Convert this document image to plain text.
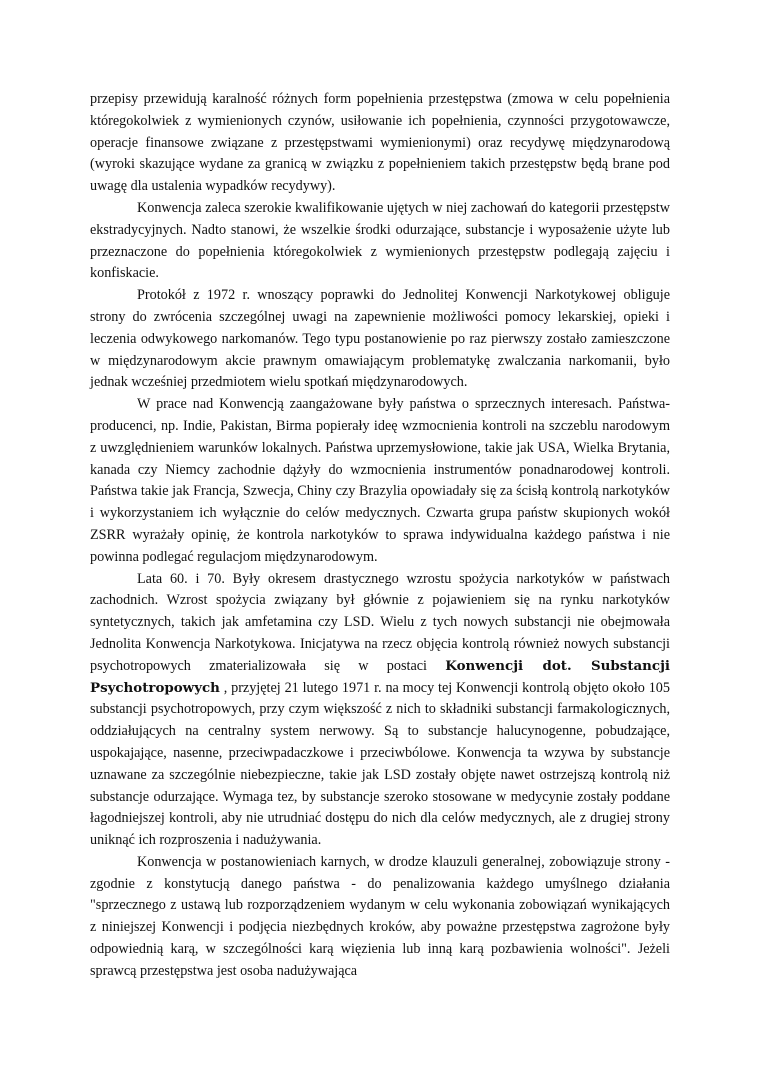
przepisy przewidują karalność różnych form popełnienia przestępstwa (zmowa w celu popełnienia któregokolwiek z wymienionych czynów, usiłowanie ich popełnienia, czynności przygotowawcze, operacje finansowe związane z przestępstwami wymienionymi) oraz recydywę międzynarodową (wyroki skazujące wydane za granicą w związku z popełnieniem takich przestępstw będą brane pod uwagę dla ustalenia wypadków recydywy).

Konwencja zaleca szerokie kwalifikowanie ujętych w niej zachowań do kategorii przestępstw ekstradycyjnych. Nadto stanowi, że wszelkie środki odurzające, substancje i wyposażenie użyte lub przeznaczone do popełnienia któregokolwiek z wymienionych przestępstw podlegają zajęciu i konfiskacie.

Protokół z 1972 r. wnoszący poprawki do Jednolitej Konwencji Narkotykowej obliguje strony do zwrócenia szczególnej uwagi na zapewnienie możliwości pomocy lekarskiej, opieki i leczenia odwykowego narkomanów. Tego typu postanowienie po raz pierwszy zostało zamieszczone w międzynarodowym akcie prawnym omawiającym problematykę zwalczania narkomanii, było jednak wcześniej przedmiotem wielu spotkań międzynarodowych.

W prace nad Konwencją zaangażowane były państwa o sprzecznych interesach. Państwa- producenci, np. Indie, Pakistan, Birma popierały ideę wzmocnienia kontroli na szczeblu narodowym z uwzględnieniem warunków lokalnych. Państwa uprzemysłowione, takie jak USA, Wielka Brytania, kanada czy Niemcy zachodnie dążyły do wzmocnienia instrumentów ponadnarodowej kontroli. Państwa takie jak Francja, Szwecja, Chiny czy Brazylia opowiadały się za ścisłą kontrolą narkotyków i wykorzystaniem ich wyłącznie do celów medycznych. Czwarta grupa państw skupionych wokół ZSRR wyrażały opinię, że kontrola narkotyków to sprawa indywidualna każdego państwa i nie powinna podlegać regulacjom międzynarodowym.

Lata 60. i 70. Były okresem drastycznego wzrostu spożycia narkotyków w państwach zachodnich. Wzrost spożycia związany był głównie z pojawieniem się na rynku narkotyków syntetycznych, takich jak amfetamina czy LSD. Wielu z tych nowych substancji nie obejmowała Jednolita Konwencja Narkotykowa. Inicjatywa na rzecz objęcia kontrolą również nowych substancji psychotropowych zmaterializowała się w postaci Konwencji dot. Substancji Psychotropowych , przyjętej 21 lutego 1971 r. na mocy tej Konwencji kontrolą objęto około 105 substancji psychotropowych, przy czym większość z nich to składniki substancji farmakologicznych, oddziałujących na centralny system nerwowy. Są to substancje halucynogenne, pobudzające, uspokajające, nasenne, przeciwpadaczkowe i przeciwbólowe. Konwencja ta wzywa by substancje uznawane za szczególnie niebezpieczne, takie jak LSD zostały objęte nawet ostrzejszą kontrolą niż substancje odurzające. Wymaga tez, by substancje szeroko stosowane w medycynie zostały poddane łagodniejszej kontroli, aby nie utrudniać dostępu do nich dla celów medycznych, ale z drugiej strony uniknąć ich rozproszenia i nadużywania.

Konwencja w postanowieniach karnych, w drodze klauzuli generalnej, zobowiązuje strony - zgodnie z konstytucją danego państwa - do penalizowania każdego umyślnego działania "sprzecznego z ustawą lub rozporządzeniem wydanym w celu wykonania zobowiązań wynikających z niniejszej Konwencji i podjęcia niezbędnych kroków, aby poważne przestępstwa zagrożone były odpowiednią karą, w szczególności karą więzienia lub inną karą pozbawienia wolności". Jeżeli sprawcą przestępstwa jest osoba nadużywająca
